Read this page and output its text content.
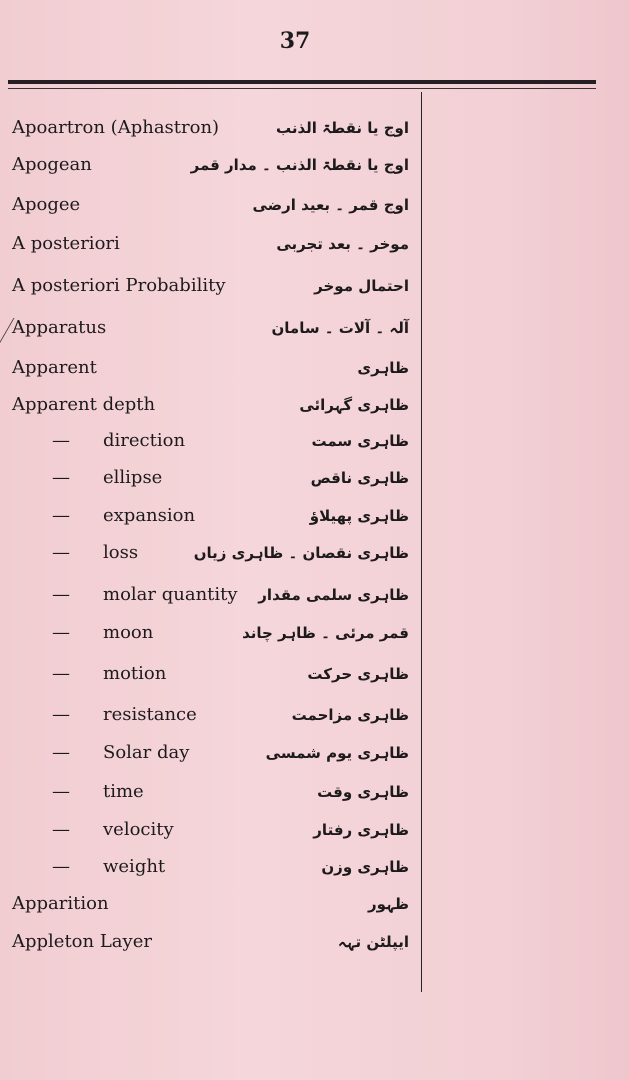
37
Apoartron (Aphastron)	اوج یا نقطۃ الذنب
Apogean	اوج یا نقطۃ الذنب ۔ مدار قمر
Apogee	اوج قمر ۔ بعید ارضی
A posteriori	موخر ۔ بعد تجربی
A posteriori Probability	احتمال موخر
Apparatus	آلہ ۔ آلات ۔ سامان
Apparent	ظاہری
Apparent depth	ظاہری گہرائی
— direction	ظاہری سمت
— ellipse	ظاہری ناقص
— expansion	ظاہری پھیلاؤ
— loss	ظاہری نقصان ۔ ظاہری زیاں
— molar quantity ظاہری سلمی مقدار
— moon	قمر مرئی ۔ ظاہر چاند
— motion	ظاہری حرکت
— resistance	ظاہری مزاحمت
— Solar day	ظاہری یوم شمسی
— time	ظاہری وقت
— velocity	ظاہری رفتار
— weight	ظاہری وزن
Apparition	ظہور
Appleton Layer	ایپلٹن تہہ
